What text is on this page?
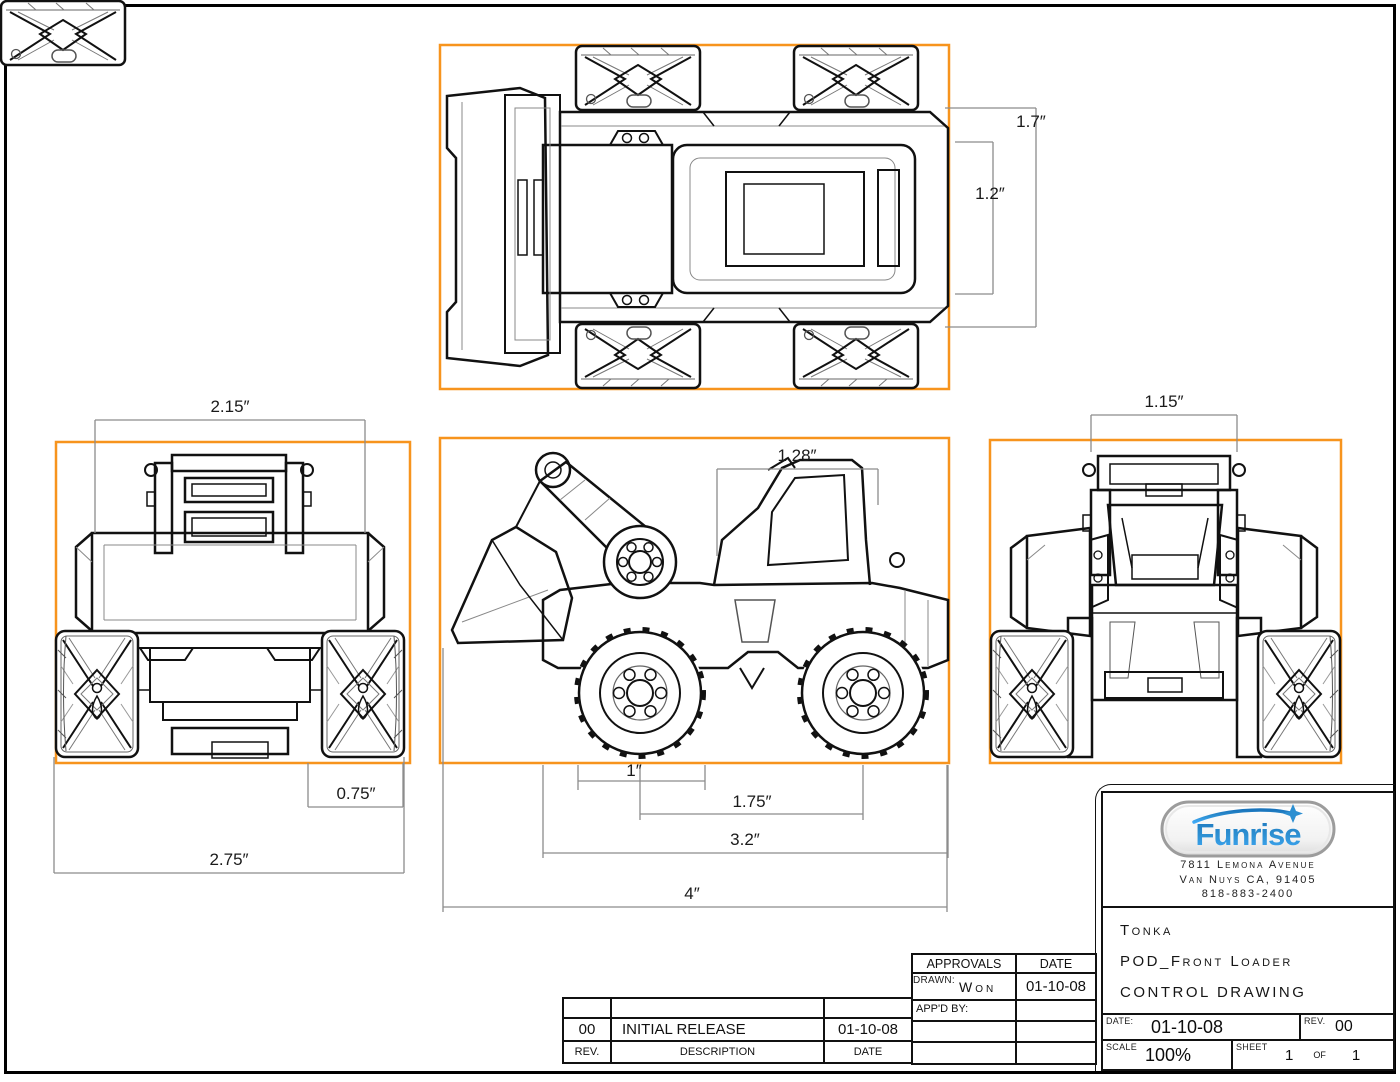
1.7″
1.2″
2.15″
0.75″
2.75″
1.28″
1″
1.75″
3.2″
4″
1.15″
00	INITIAL RELEASE	01-10-08
REV.	DESCRIPTION	DATE
APPROVALS	DATE
DRAWN: Won	01-10-08
APP'D BY:
Funrise
7811 Lemona Avenue
Van Nuys CA, 91405
818-883-2400
Tonka
POD_Front Loader
CONTROL DRAWING
DATE: 01-10-08	REV. 00
SCALE 100%	SHEET	1	OF	1
